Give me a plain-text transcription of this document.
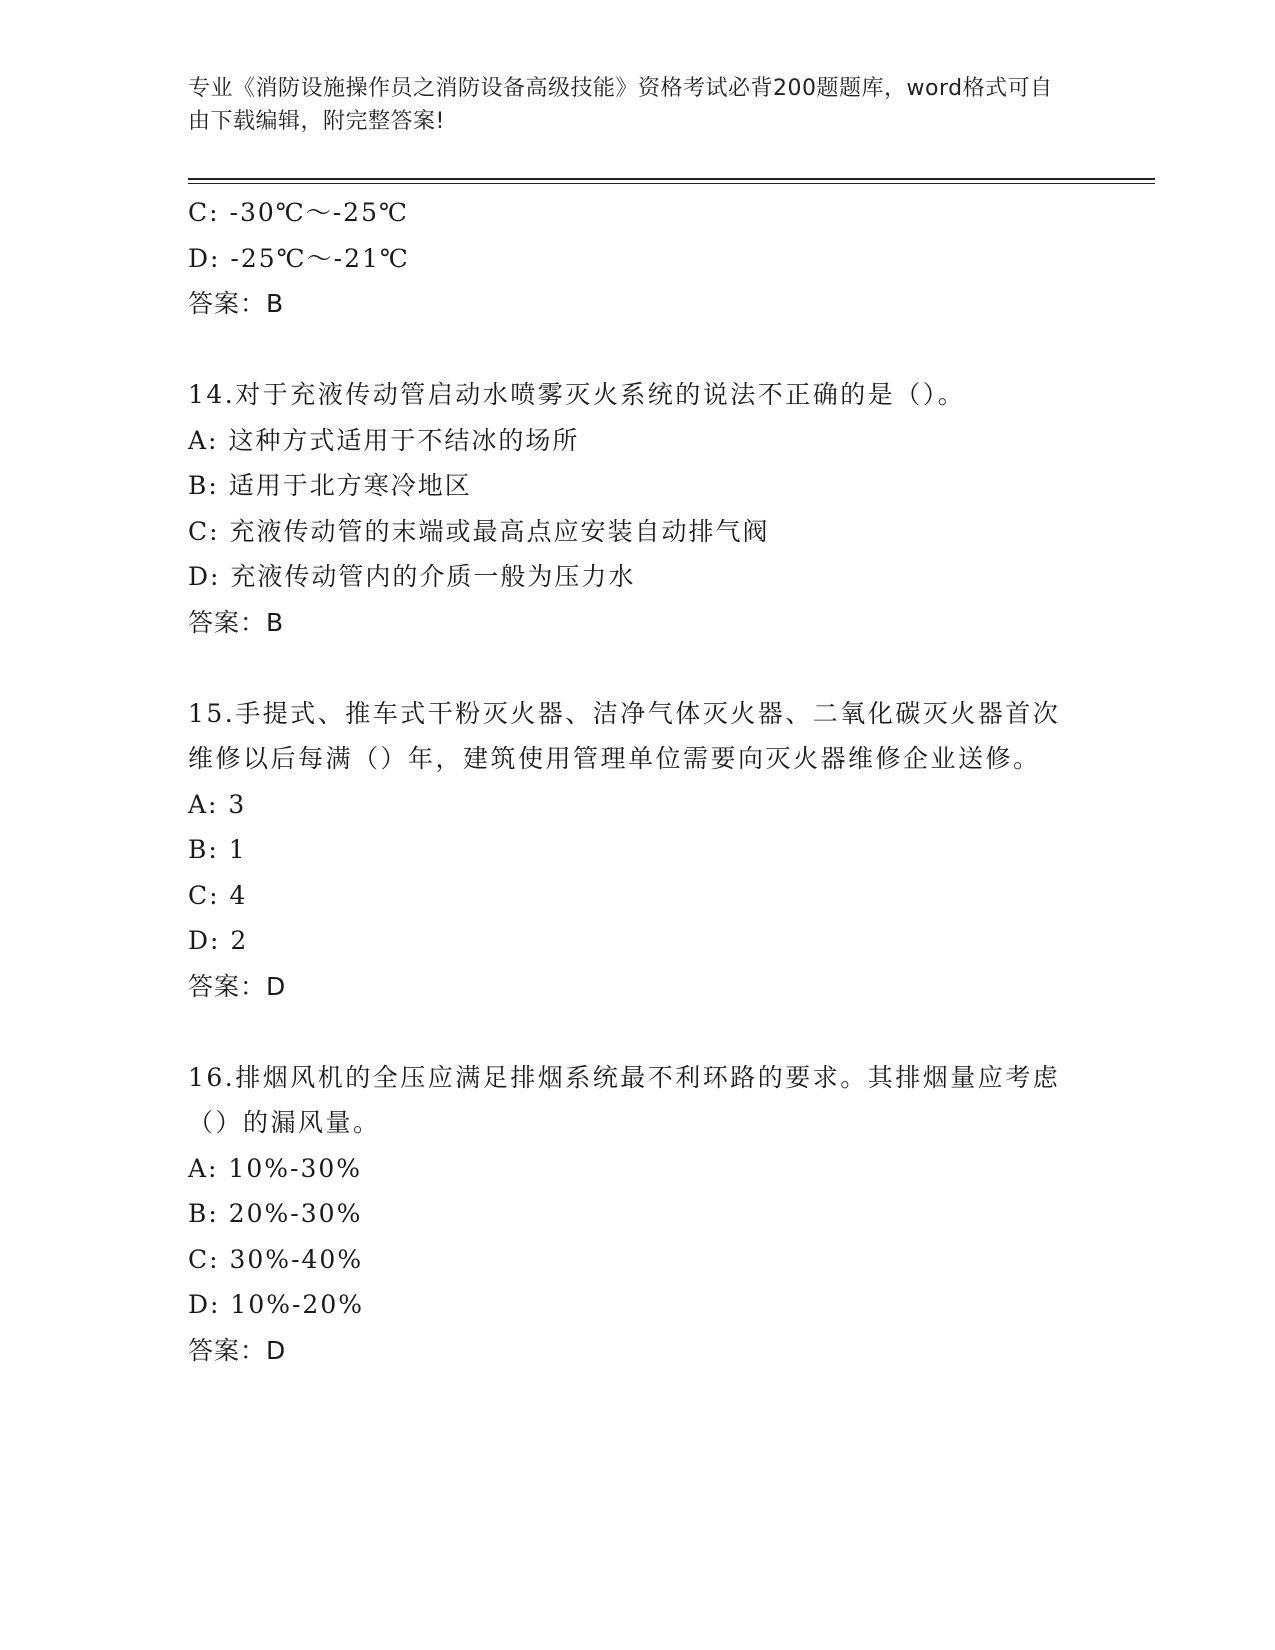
专业《消防设施操作员之消防设备高级技能》资格考试必背200题题库，word格式可自由下载编辑，附完整答案!
C: -30℃～-25℃
D: -25℃～-21℃
答案：B
14.对于充液传动管启动水喷雾灭火系统的说法不正确的是（）。
A: 这种方式适用于不结冰的场所
B: 适用于北方寒冷地区
C: 充液传动管的末端或最高点应安装自动排气阀
D: 充液传动管内的介质一般为压力水
答案：B
15.手提式、推车式干粉灭火器、洁净气体灭火器、二氧化碳灭火器首次维修以后每满（）年，建筑使用管理单位需要向灭火器维修企业送修。
A: 3
B: 1
C: 4
D: 2
答案：D
16.排烟风机的全压应满足排烟系统最不利环路的要求。其排烟量应考虑（）的漏风量。
A: 10%-30%
B: 20%-30%
C: 30%-40%
D: 10%-20%
答案：D
